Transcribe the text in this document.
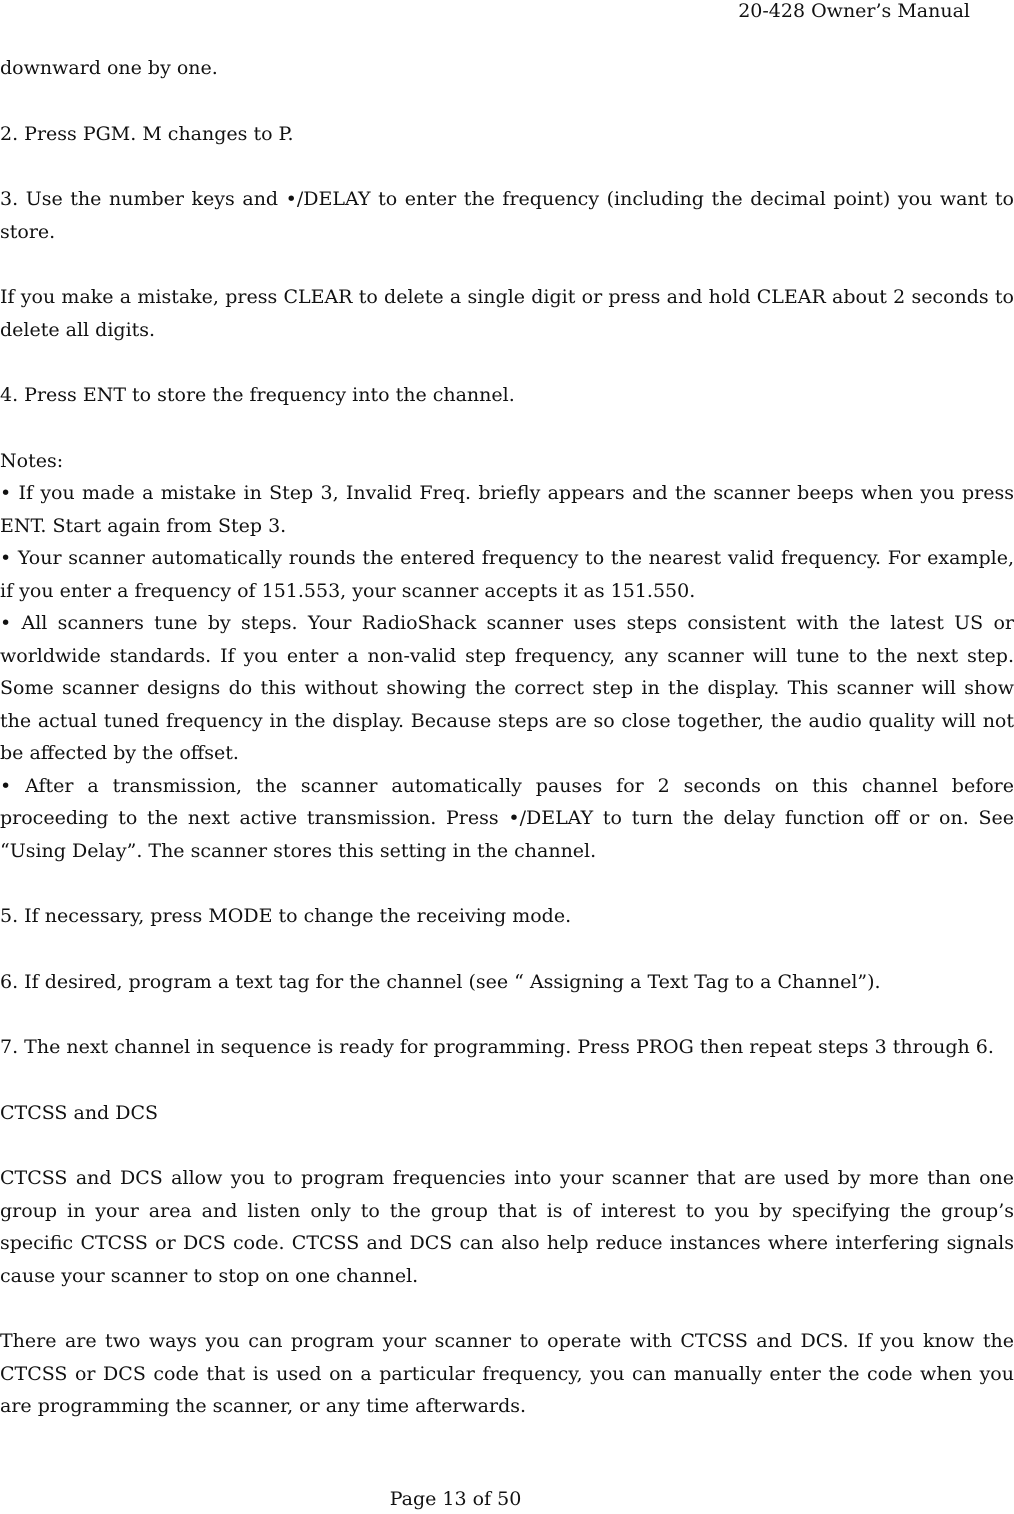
20-428 Owner’s Manual

downward one by one.

2. Press PGM. M changes to P.

3. Use the number keys and •/DELAY to enter the frequency (including the decimal point) you want to store.

If you make a mistake, press CLEAR to delete a single digit or press and hold CLEAR about 2 seconds to delete all digits.

4. Press ENT to store the frequency into the channel.

Notes:

• If you made a mistake in Step 3, Invalid Freq. briefly appears and the scanner beeps when you press ENT. Start again from Step 3.

• Your scanner automatically rounds the entered frequency to the nearest valid frequency. For example, if you enter a frequency of 151.553, your scanner accepts it as 151.550.

• All scanners tune by steps. Your RadioShack scanner uses steps consistent with the latest US or worldwide standards. If you enter a non-valid step frequency, any scanner will tune to the next step. Some scanner designs do this without showing the correct step in the display. This scanner will show the actual tuned frequency in the display. Because steps are so close together, the audio quality will not be affected by the offset.

• After a transmission, the scanner automatically pauses for 2 seconds on this channel before proceeding to the next active transmission. Press •/DELAY to turn the delay function off or on. See “Using Delay”. The scanner stores this setting in the channel.

5. If necessary, press MODE to change the receiving mode.

6. If desired, program a text tag for the channel (see “ Assigning a Text Tag to a Channel”).

7. The next channel in sequence is ready for programming. Press PROG then repeat steps 3 through 6.

CTCSS and DCS

CTCSS and DCS allow you to program frequencies into your scanner that are used by more than one group in your area and listen only to the group that is of interest to you by specifying the group’s specific CTCSS or DCS code. CTCSS and DCS can also help reduce instances where interfering signals cause your scanner to stop on one channel.

There are two ways you can program your scanner to operate with CTCSS and DCS. If you know the CTCSS or DCS code that is used on a particular frequency, you can manually enter the code when you are programming the scanner, or any time afterwards.

Page 13 of 50
